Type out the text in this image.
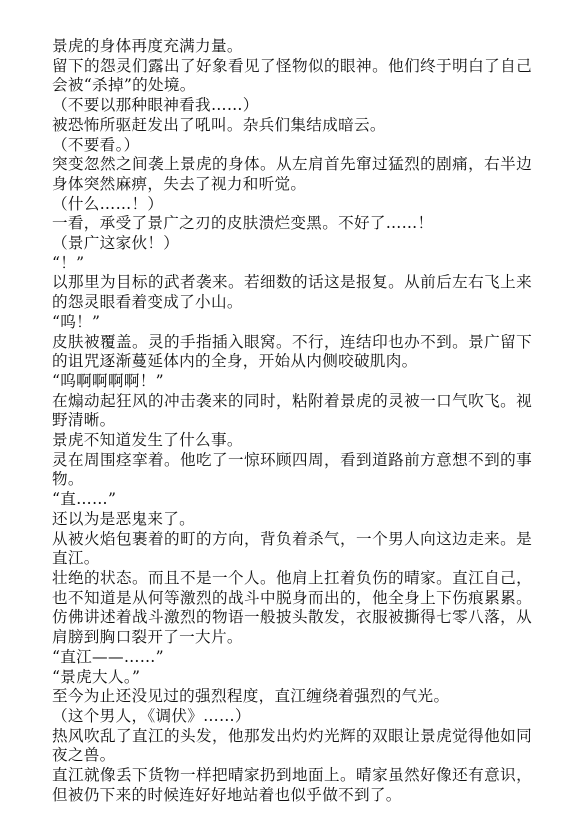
景虎的身体再度充满力量。

留下的怨灵们露出了好象看见了怪物似的眼神。他们终于明白了自己会被“杀掉”的处境。

（不要以那种眼神看我……）

被恐怖所驱赶发出了吼叫。杂兵们集结成暗云。

（不要看。）

突变忽然之间袭上景虎的身体。从左肩首先窜过猛烈的剧痛，右半边身体突然麻痹，失去了视力和听觉。

（什么……！）

一看，承受了景广之刃的皮肤溃烂变黑。不好了……！

（景广这家伙！）

“！”

以那里为目标的武者袭来。若细数的话这是报复。从前后左右飞上来的怨灵眼看着变成了小山。

“呜！”

皮肤被覆盖。灵的手指插入眼窝。不行，连结印也办不到。景广留下的诅咒逐渐蔓延体内的全身，开始从内侧咬破肌肉。

“呜啊啊啊啊！”

在煽动起狂风的冲击袭来的同时，粘附着景虎的灵被一口气吹飞。视野清晰。

景虎不知道发生了什么事。

灵在周围痉挛着。他吃了一惊环顾四周，看到道路前方意想不到的事物。

“直……”

还以为是恶鬼来了。

从被火焰包裹着的町的方向，背负着杀气，一个男人向这边走来。是直江。

壮绝的状态。而且不是一个人。他肩上扛着负伤的晴家。直江自己，也不知道是从何等激烈的战斗中脱身而出的，他全身上下伤痕累累。仿佛讲述着战斗激烈的物语一般披头散发，衣服被撕得七零八落，从肩膀到胸口裂开了一大片。

“直江——……”

“景虎大人。”

至今为止还没见过的强烈程度，直江缠绕着强烈的气光。

（这个男人，《调伏》……）

热风吹乱了直江的头发，他那发出灼灼光辉的双眼让景虎觉得他如同夜之兽。

直江就像丢下货物一样把晴家扔到地面上。晴家虽然好像还有意识，但被仍下来的时候连好好地站着也似乎做不到了。
